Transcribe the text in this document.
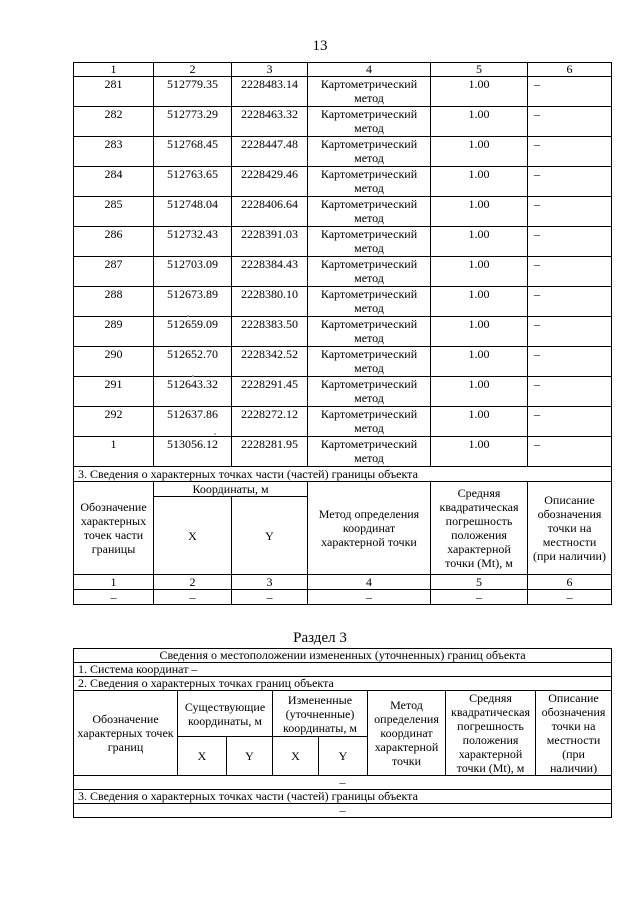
13
1	2	3	4	5	6
281	512779.35	2228483.14	Картометрический метод	1.00	–
282	512773.29	2228463.32	Картометрический метод	1.00	–
283	512768.45	2228447.48	Картометрический метод	1.00	–
284	512763.65	2228429.46	Картометрический метод	1.00	–
285	512748.04	2228406.64	Картометрический метод	1.00	–
286	512732.43	2228391.03	Картометрический метод	1.00	–
287	512703.09	2228384.43	Картометрический метод	1.00	–
288	512673.89	2228380.10	Картометрический метод	1.00	–
289	512659.09	2228383.50	Картометрический метод	1.00	–
290	512652.70	2228342.52	Картометрический метод	1.00	–
291	512643.32	2228291.45	Картометрический метод	1.00	–
292	512637.86	2228272.12	Картометрический метод	1.00	–
1	513056.12	2228281.95	Картометрический метод	1.00	–
3. Сведения о характерных точках части (частей) границы объекта					
Обозначение характерных точек части границы	Координаты, м		Метод определения координат характерной точки	Средняя квадратическая погрешность положения характерной точки (Mt), м	Описание обозначения точки на местности (при наличии)
	X	Y			
1	2	3	4	5	6
–	–	–	–	–	–
Раздел 3
Сведения о местоположении измененных (уточненных) границ объекта							
1. Система координат –							
2. Сведения о характерных точках границ объекта							
Обозначение характерных точек границ	Существующие координаты, м		Измененные (уточненные) координаты, м		Метод определения координат характерной точки	Средняя квадратическая погрешность положения характерной точки (Mt), м	Описание обозначения точки на местности (при наличии)
	X	Y	X	Y			
–							
3. Сведения о характерных точках части (частей) границы объекта							
–							
